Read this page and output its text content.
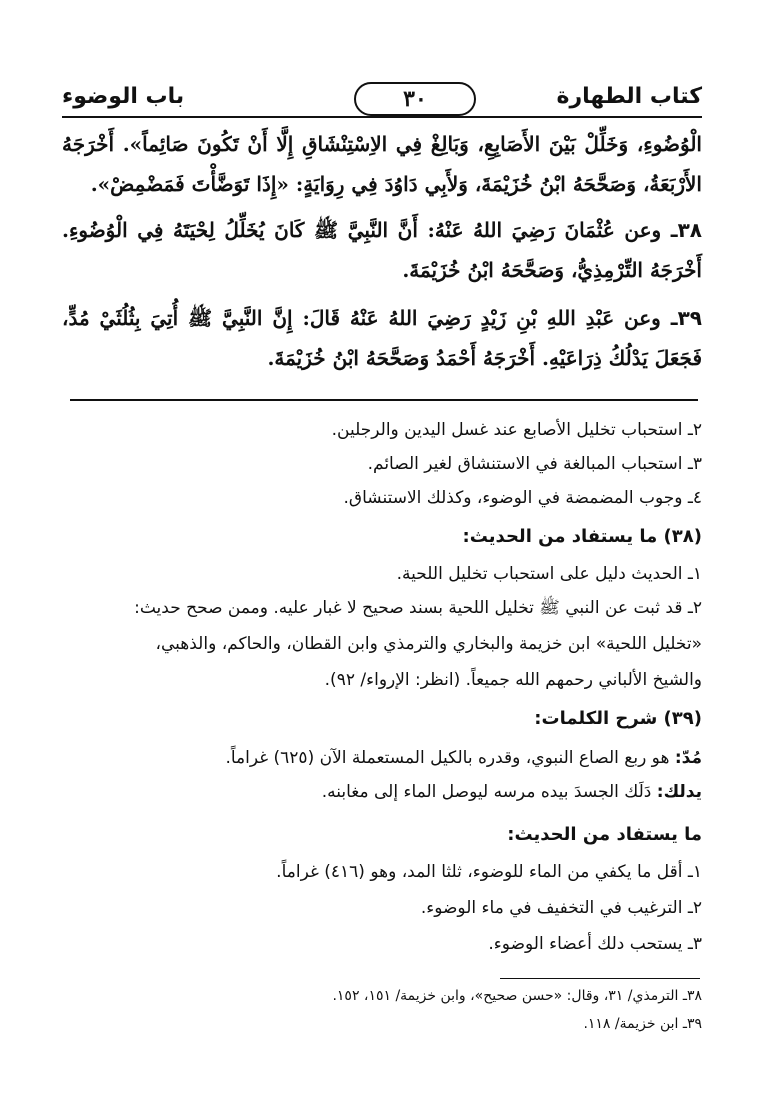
كتاب الطهارة
٣٠
باب الوضوء
الْوُضُوءِ، وَخَلِّلْ بَيْنَ الأَصَابِعِ، وَبَالِغْ فِي الاِسْتِنْشَاقِ إِلَّا أَنْ تَكُونَ صَائِماً». أَخْرَجَهُ الأَرْبَعَةُ، وَصَحَّحَهُ ابْنُ خُزَيْمَةَ، وَلأَبِي دَاوُدَ فِي رِوَايَةٍ: «إِذَا تَوَضَّأْتَ فَمَضْمِضْ».
٣٨ـ وعن عُثْمَانَ رَضِيَ اللهُ عَنْهُ: أَنَّ النَّبِيَّ ﷺ كَانَ يُخَلِّلُ لِحْيَتَهُ فِي الْوُضُوءِ. أَخْرَجَهُ التِّرْمِذِيُّ، وَصَحَّحَهُ ابْنُ خُزَيْمَةَ.
٣٩ـ وعن عَبْدِ اللهِ بْنِ زَيْدٍ رَضِيَ اللهُ عَنْهُ قَالَ: إِنَّ النَّبِيَّ ﷺ أُتِيَ بِثُلُثَيْ مُدٍّ، فَجَعَلَ يَدْلُكُ ذِرَاعَيْهِ. أَخْرَجَهُ أَحْمَدُ وَصَحَّحَهُ ابْنُ خُزَيْمَةَ.
٢ـ استحباب تخليل الأصابع عند غسل اليدين والرجلين.
٣ـ استحباب المبالغة في الاستنشاق لغير الصائم.
٤ـ وجوب المضمضة في الوضوء، وكذلك الاستنشاق.
(٣٨) ما يستفاد من الحديث:
١ـ الحديث دليل على استحباب تخليل اللحية.
٢ـ قد ثبت عن النبي ﷺ تخليل اللحية بسند صحيح لا غبار عليه. وممن صحح حديث:
«تخليل اللحية» ابن خزيمة والبخاري والترمذي وابن القطان، والحاكم، والذهبي،
والشيخ الألباني رحمهم الله جميعاً. (انظر: الإرواء/ ٩٢).
(٣٩) شرح الكلمات:
مُدّ: هو ربع الصاع النبوي، وقدره بالكيل المستعملة الآن (٦٢٥) غراماً.
يدلك: دَلَك الجسدَ بيده مرسه ليوصل الماء إلى مغابنه.
ما يستفاد من الحديث:
١ـ أقل ما يكفي من الماء للوضوء، ثلثا المد، وهو (٤١٦) غراماً.
٢ـ الترغيب في التخفيف في ماء الوضوء.
٣ـ يستحب دلك أعضاء الوضوء.
٣٨ـ الترمذي/ ٣١، وقال: «حسن صحيح»، وابن خزيمة/ ١٥١، ١٥٢.
٣٩ـ ابن خزيمة/ ١١٨.
